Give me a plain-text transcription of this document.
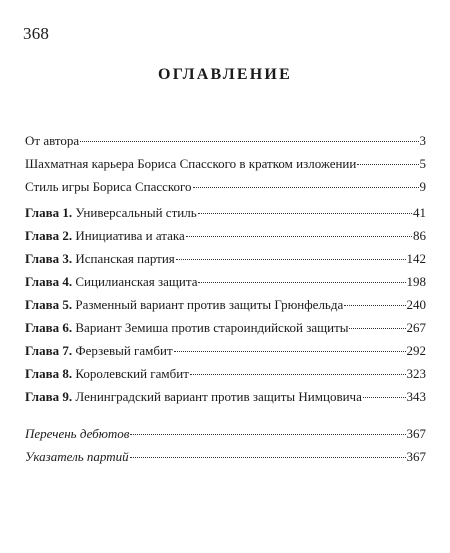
368
ОГЛАВЛЕНИЕ
От автора	3
Шахматная карьера Бориса Спасского в кратком изложении	5
Стиль игры Бориса Спасского	9
Глава 1. Универсальный стиль	41
Глава 2. Инициатива и атака	86
Глава 3. Испанская партия	142
Глава 4. Сицилианская защита	198
Глава 5. Разменный вариант против защиты Грюнфельда	240
Глава 6. Вариант Земиша против староиндийской защиты	267
Глава 7. Ферзевый гамбит	292
Глава 8. Королевский гамбит	323
Глава 9. Ленинградский вариант против защиты Нимцовича	343
Перечень дебютов	367
Указатель партий	367
